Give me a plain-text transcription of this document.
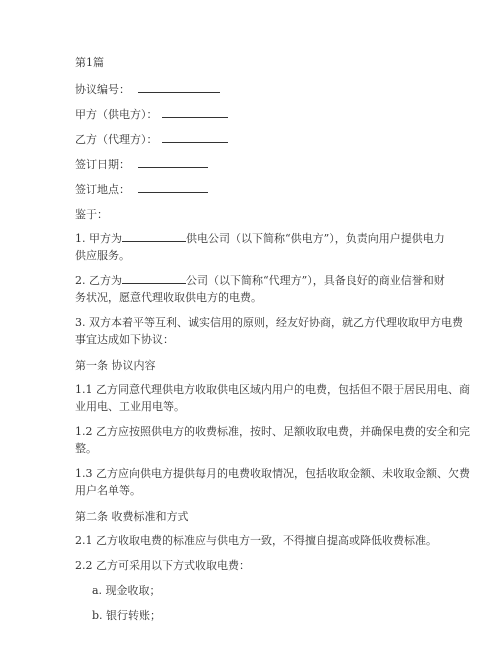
第1篇
协议编号：
甲方（供电方）：
乙方（代理方）：
签订日期：
签订地点：
鉴于：
1. 甲方为	供电公司（以下简称“供电方”），负责向用户提供电力
供应服务。
2. 乙方为	公司（以下简称“代理方”），具备良好的商业信誉和财
务状况，愿意代理收取供电方的电费。
3. 双方本着平等互利、诚实信用的原则，经友好协商，就乙方代理收取甲方电费
事宜达成如下协议：
第一条 协议内容
1.1 乙方同意代理供电方收取供电区域内用户的电费，包括但不限于居民用电、商
业用电、工业用电等。
1.2 乙方应按照供电方的收费标准，按时、足额收取电费，并确保电费的安全和完
整。
1.3 乙方应向供电方提供每月的电费收取情况，包括收取金额、未收取金额、欠费
用户名单等。
第二条 收费标准和方式
2.1 乙方收取电费的标准应与供电方一致，不得擅自提高或降低收费标准。
2.2 乙方可采用以下方式收取电费：
a. 现金收取；
b. 银行转账；
